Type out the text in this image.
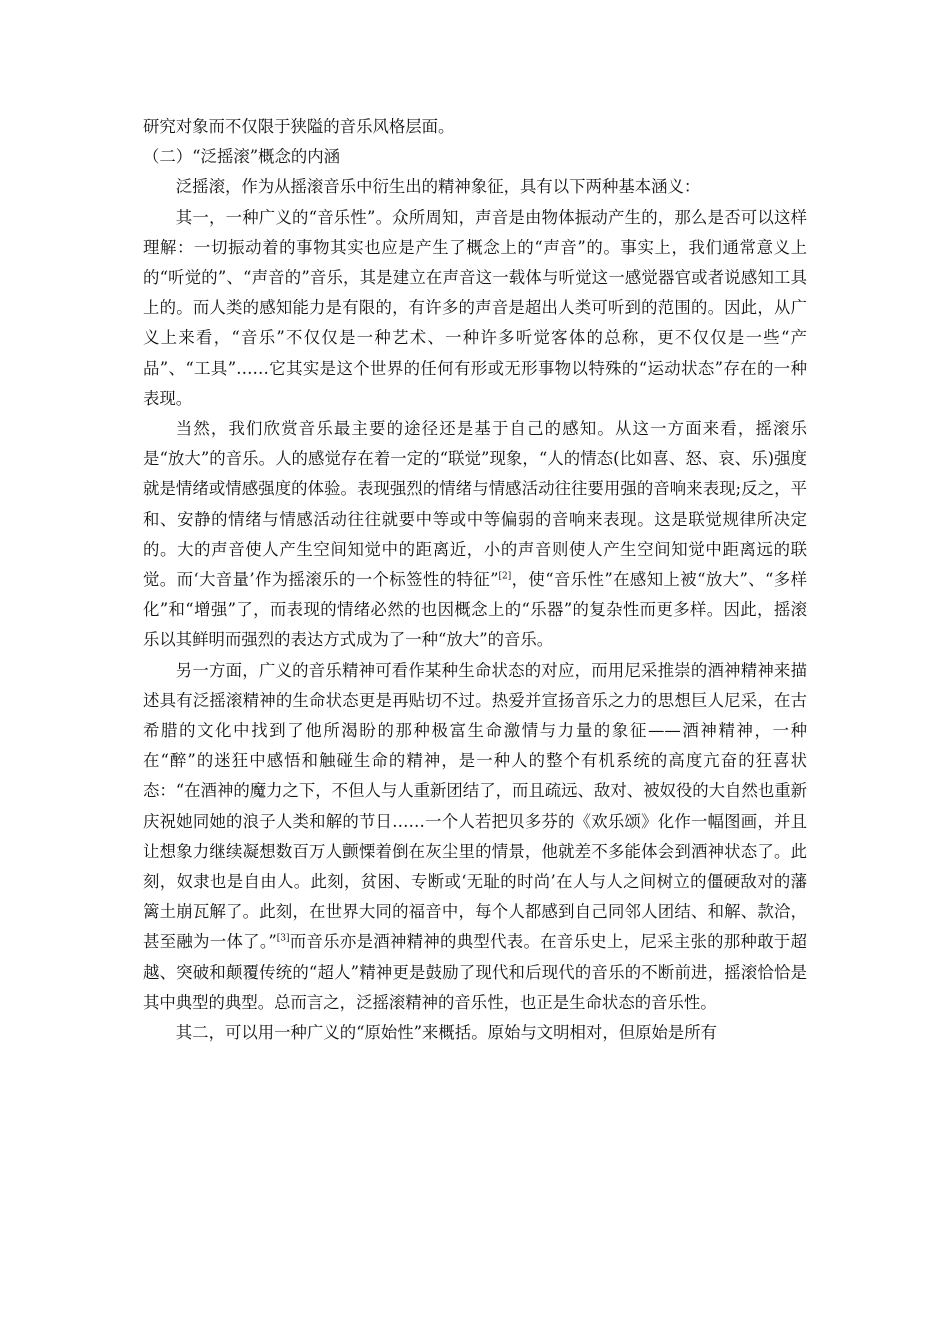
研究对象而不仅限于狭隘的音乐风格层面。

（二）“泛摇滚”概念的内涵

泛摇滚，作为从摇滚音乐中衍生出的精神象征，具有以下两种基本涵义：

其一，一种广义的“音乐性”。众所周知，声音是由物体振动产生的，那么是否可以这样理解：一切振动着的事物其实也应是产生了概念上的“声音”的。事实上，我们通常意义上的“听觉的”、“声音的”音乐，其是建立在声音这一载体与听觉这一感觉器官或者说感知工具上的。而人类的感知能力是有限的，有许多的声音是超出人类可听到的范围的。因此，从广义上来看，“音乐”不仅仅是一种艺术、一种许多听觉客体的总称，更不仅仅是一些“产品”、“工具”……它其实是这个世界的任何有形或无形事物以特殊的“运动状态”存在的一种表现。

当然，我们欣赏音乐最主要的途径还是基于自己的感知。从这一方面来看，摇滚乐是“放大”的音乐。人的感觉存在着一定的“联觉”现象，“人的情态(比如喜、怒、哀、乐)强度就是情绪或情感强度的体验。表现强烈的情绪与情感活动往往要用强的音响来表现;反之，平和、安静的情绪与情感活动往往就要中等或中等偏弱的音响来表现。这是联觉规律所决定的。大的声音使人产生空间知觉中的距离近，小的声音则使人产生空间知觉中距离远的联觉。而‘大音量’作为摇滚乐的一个标签性的特征”[2]，使“音乐性”在感知上被“放大”、“多样化”和“增强”了，而表现的情绪必然的也因概念上的“乐器”的复杂性而更多样。因此，摇滚乐以其鲜明而强烈的表达方式成为了一种“放大”的音乐。

另一方面，广义的音乐精神可看作某种生命状态的对应，而用尼采推崇的酒神精神来描述具有泛摇滚精神的生命状态更是再贴切不过。热爱并宣扬音乐之力的思想巨人尼采，在古希腊的文化中找到了他所渴盼的那种极富生命激情与力量的象征——酒神精神，一种在“醉”的迷狂中感悟和触碰生命的精神，是一种人的整个有机系统的高度亢奋的狂喜状态：“在酒神的魔力之下，不但人与人重新团结了，而且疏远、敌对、被奴役的大自然也重新庆祝她同她的浪子人类和解的节日……一个人若把贝多芬的《欢乐颂》化作一幅图画，并且让想象力继续凝想数百万人颤慄着倒在灰尘里的情景，他就差不多能体会到酒神状态了。此刻，奴隶也是自由人。此刻，贫困、专断或‘无耻的时尚’在人与人之间树立的僵硬敌对的藩篱土崩瓦解了。此刻，在世界大同的福音中，每个人都感到自己同邻人团结、和解、款洽，甚至融为一体了。”[3]而音乐亦是酒神精神的典型代表。在音乐史上，尼采主张的那种敢于超越、突破和颠覆传统的“超人”精神更是鼓励了现代和后现代的音乐的不断前进，摇滚恰恰是其中典型的典型。总而言之，泛摇滚精神的音乐性，也正是生命状态的音乐性。

其二，可以用一种广义的“原始性”来概括。原始与文明相对，但原始是所有
